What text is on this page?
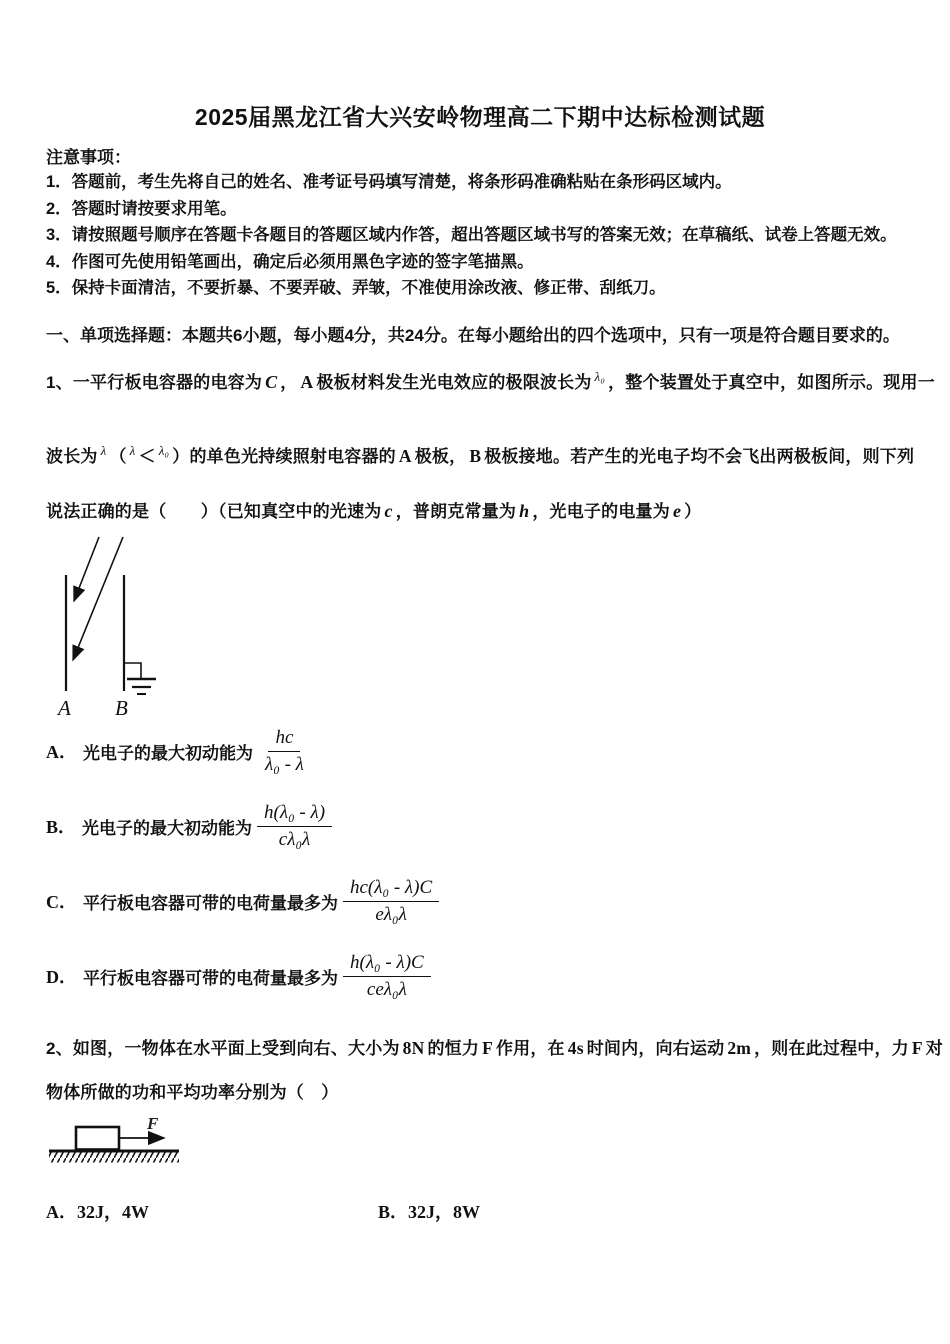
2025届黑龙江省大兴安岭物理高二下期中达标检测试题
注意事项：
1．答题前，考生先将自己的姓名、准考证号码填写清楚，将条形码准确粘贴在条形码区域内。
2．答题时请按要求用笔。
3．请按照题号顺序在答题卡各题目的答题区域内作答，超出答题区域书写的答案无效；在草稿纸、试卷上答题无效。
4．作图可先使用铅笔画出，确定后必须用黑色字迹的签字笔描黑。
5．保持卡面清洁，不要折暴、不要弄破、弄皱，不准使用涂改液、修正带、刮纸刀。
一、单项选择题：本题共6小题，每小题4分，共24分。在每小题给出的四个选项中，只有一项是符合题目要求的。

1、一平行板电容器的电容为 C ， A 极板材料发生光电效应的极限波长为 $^{\lambda_0}$ ，整个装置处于真空中，如图所示。现用一

波长为 $^\lambda$ （ $^\lambda$ ＜ $^{\lambda_0}$ ）的单色光持续照射电容器的 A 极板， B 极板接地。若产生的光电子均不会飞出两极板间，则下列

说法正确的是（　　）（已知真空中的光速为 c ，普朗克常量为 h ，光电子的电量为 e ）

A B
A． 光电子的最大初动能为 $\frac{hc}{\text{λ₀ - λ}}$
B． 光电子的最大初动能为 $\frac{\text{h(λ₀ - λ)}}{\text{cλ₀λ}}$
C． 平行板电容器可带的电荷量最多为 $\frac{\text{hc(λ₀ - λ)C}}{\text{eλ₀λ}}$
D． 平行板电容器可带的电荷量最多为 $\frac{\text{h(λ₀ - λ)C}}{\text{ceλ₀λ}}$

2、如图，一物体在水平面上受到向右、大小为 8N 的恒力 F 作用，在 4s 时间内，向右运动 2m ，则在此过程中，力 F 对

物体所做的功和平均功率分别为（　）

F
A．32J，4W	B．32J，8W
